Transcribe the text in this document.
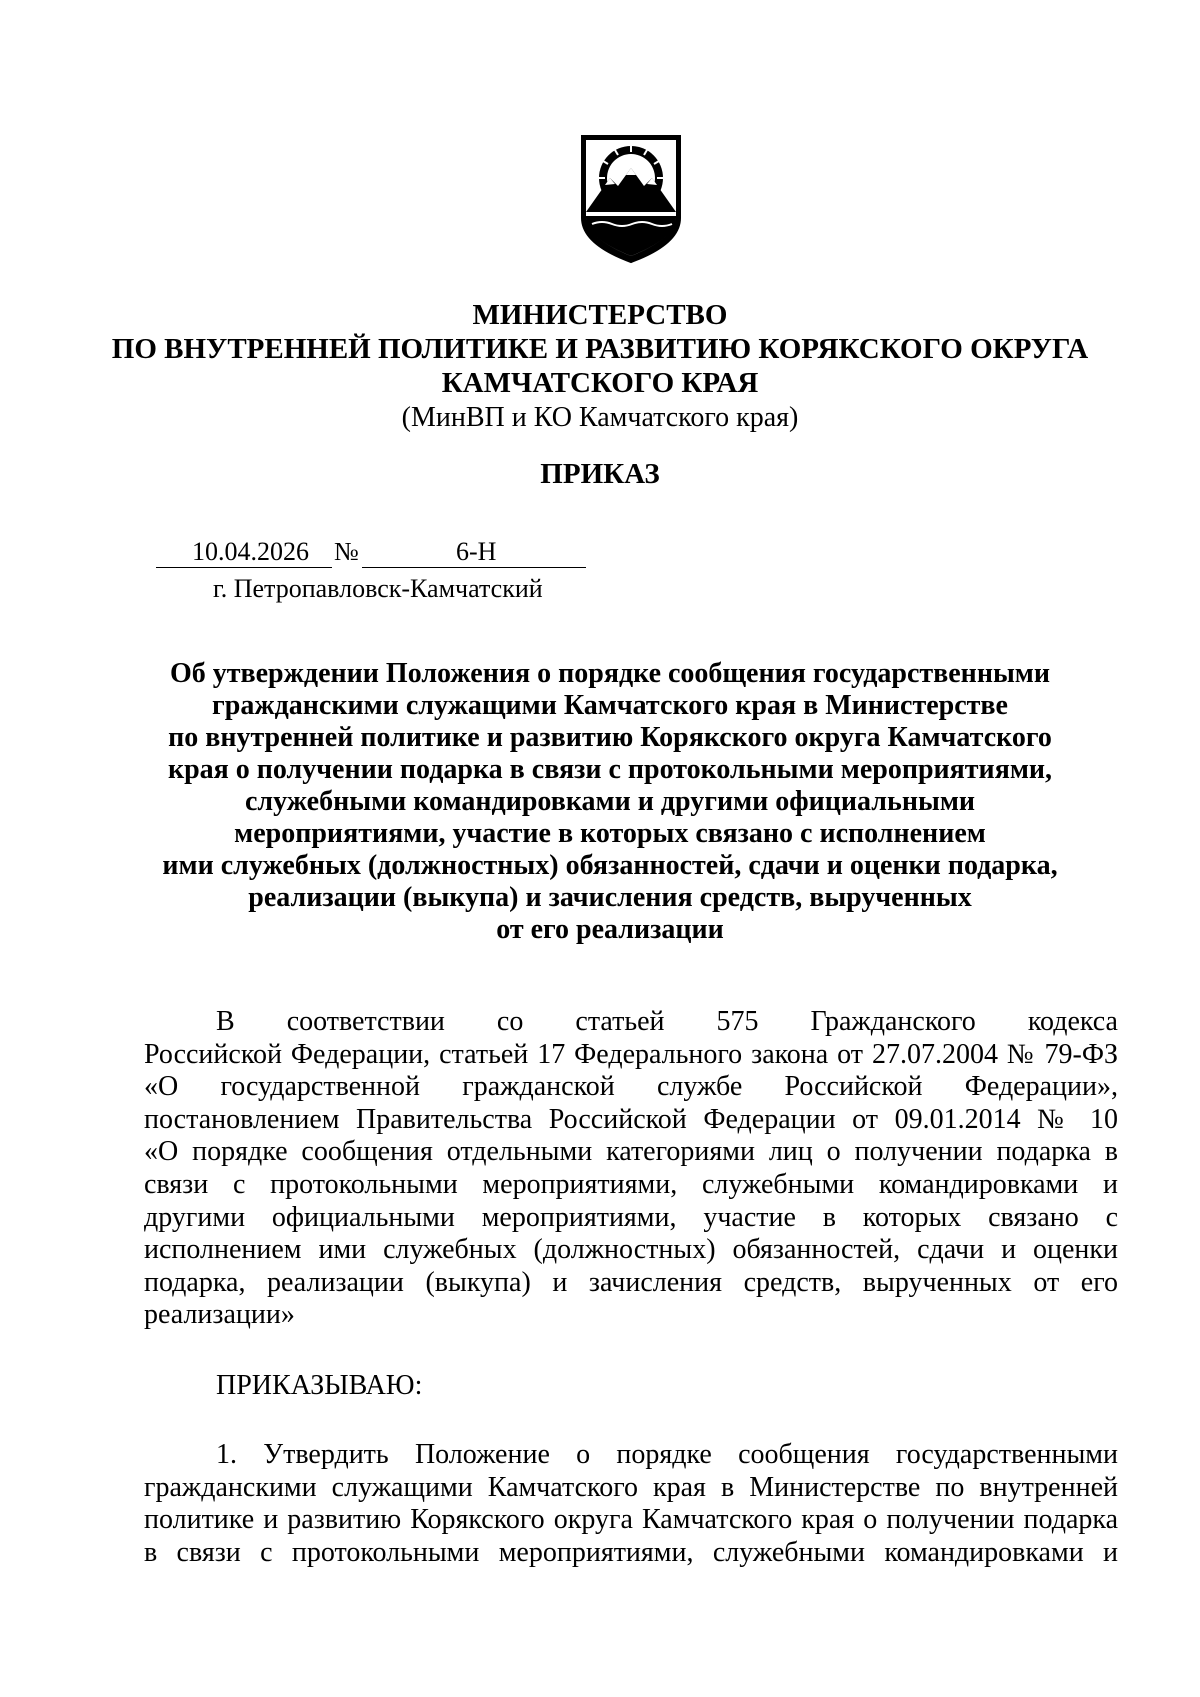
МИНИСТЕРСТВО
ПО ВНУТРЕННЕЙ ПОЛИТИКЕ И РАЗВИТИЮ КОРЯКСКОГО ОКРУГА
КАМЧАТСКОГО КРАЯ
(МинВП и КО Камчатского края)
ПРИКАЗ
10.04.2026 №	6-Н
г. Петропавловск-Камчатский
Об утверждении Положения о порядке сообщения государственными
гражданскими служащими Камчатского края в Министерстве
по внутренней политике и развитию Корякского округа Камчатского
края о получении подарка в связи с протокольными мероприятиями,
служебными командировками и другими официальными
мероприятиями, участие в которых связано с исполнением
ими служебных (должностных) обязанностей, сдачи и оценки подарка,
реализации (выкупа) и зачисления средств, вырученных
от его реализации
В соответствии со статьей 575 Гражданского кодекса
Российской Федерации, статьей 17 Федерального закона от 27.07.2004 № 79-ФЗ
«О государственной гражданской службе Российской Федерации»,
постановлением Правительства Российской Федерации от 09.01.2014 № 10
«О порядке сообщения отдельными категориями лиц о получении подарка в
связи с протокольными мероприятиями, служебными командировками и
другими официальными мероприятиями, участие в которых связано с
исполнением ими служебных (должностных) обязанностей, сдачи и оценки
подарка, реализации (выкупа) и зачисления средств, вырученных от его
реализации»
ПРИКАЗЫВАЮ:
1. Утвердить Положение о порядке сообщения государственными
гражданскими служащими Камчатского края в Министерстве по внутренней
политике и развитию Корякского округа Камчатского края о получении подарка
в связи с протокольными мероприятиями, служебными командировками и
